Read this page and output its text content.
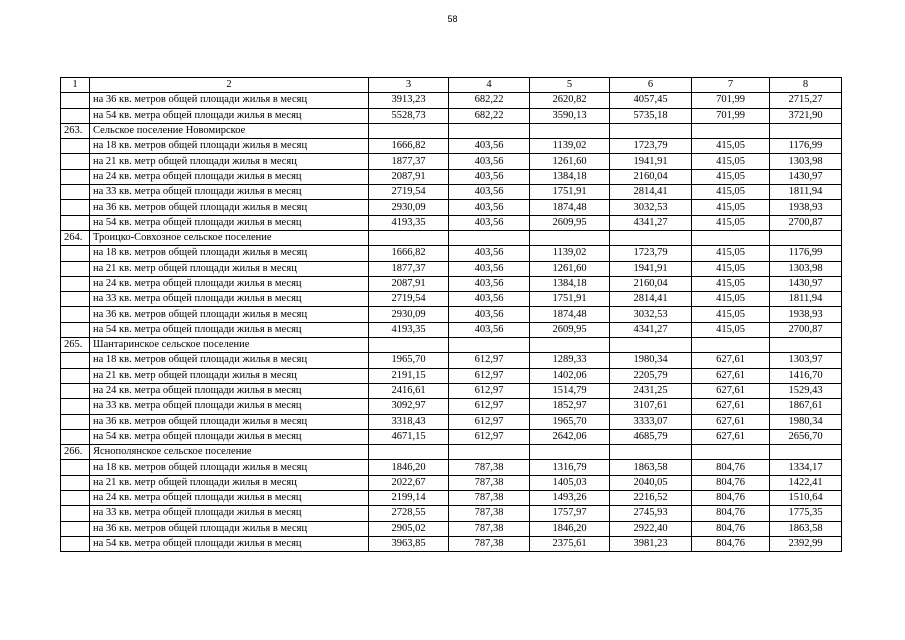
58
1	2	3	4	5	6	7	8
	на 36 кв. метров общей площади жилья в месяц	3913,23	682,22	2620,82	4057,45	701,99	2715,27
	на 54 кв. метра общей площади жилья в месяц	5528,73	682,22	3590,13	5735,18	701,99	3721,90
263.	Сельское поселение Новомирское						
	на 18 кв. метров общей площади жилья в месяц	1666,82	403,56	1139,02	1723,79	415,05	1176,99
	на 21 кв. метр общей площади жилья в месяц	1877,37	403,56	1261,60	1941,91	415,05	1303,98
	на 24 кв. метра общей площади жилья в месяц	2087,91	403,56	1384,18	2160,04	415,05	1430,97
	на 33 кв. метра общей площади жилья в месяц	2719,54	403,56	1751,91	2814,41	415,05	1811,94
	на 36 кв. метров общей площади жилья в месяц	2930,09	403,56	1874,48	3032,53	415,05	1938,93
	на 54 кв. метра общей площади жилья в месяц	4193,35	403,56	2609,95	4341,27	415,05	2700,87
264.	Троицко-Совхозное сельское поселение						
	на 18 кв. метров общей площади жилья в месяц	1666,82	403,56	1139,02	1723,79	415,05	1176,99
	на 21 кв. метр общей площади жилья в месяц	1877,37	403,56	1261,60	1941,91	415,05	1303,98
	на 24 кв. метра общей площади жилья в месяц	2087,91	403,56	1384,18	2160,04	415,05	1430,97
	на 33 кв. метра общей площади жилья в месяц	2719,54	403,56	1751,91	2814,41	415,05	1811,94
	на 36 кв. метров общей площади жилья в месяц	2930,09	403,56	1874,48	3032,53	415,05	1938,93
	на 54 кв. метра общей площади жилья в месяц	4193,35	403,56	2609,95	4341,27	415,05	2700,87
265.	Шантаринское сельское поселение						
	на 18 кв. метров общей площади жилья в месяц	1965,70	612,97	1289,33	1980,34	627,61	1303,97
	на 21 кв. метр общей площади жилья в месяц	2191,15	612,97	1402,06	2205,79	627,61	1416,70
	на 24 кв. метра общей площади жилья в месяц	2416,61	612,97	1514,79	2431,25	627,61	1529,43
	на 33 кв. метра общей площади жилья в месяц	3092,97	612,97	1852,97	3107,61	627,61	1867,61
	на 36 кв. метров общей площади жилья в месяц	3318,43	612,97	1965,70	3333,07	627,61	1980,34
	на 54 кв. метра общей площади жилья в месяц	4671,15	612,97	2642,06	4685,79	627,61	2656,70
266.	Яснополянское сельское поселение						
	на 18 кв. метров общей площади жилья в месяц	1846,20	787,38	1316,79	1863,58	804,76	1334,17
	на 21 кв. метр общей площади жилья в месяц	2022,67	787,38	1405,03	2040,05	804,76	1422,41
	на 24 кв. метра общей площади жилья в месяц	2199,14	787,38	1493,26	2216,52	804,76	1510,64
	на 33 кв. метра общей площади жилья в месяц	2728,55	787,38	1757,97	2745,93	804,76	1775,35
	на 36 кв. метров общей площади жилья в месяц	2905,02	787,38	1846,20	2922,40	804,76	1863,58
	на 54 кв. метра общей площади жилья в месяц	3963,85	787,38	2375,61	3981,23	804,76	2392,99
